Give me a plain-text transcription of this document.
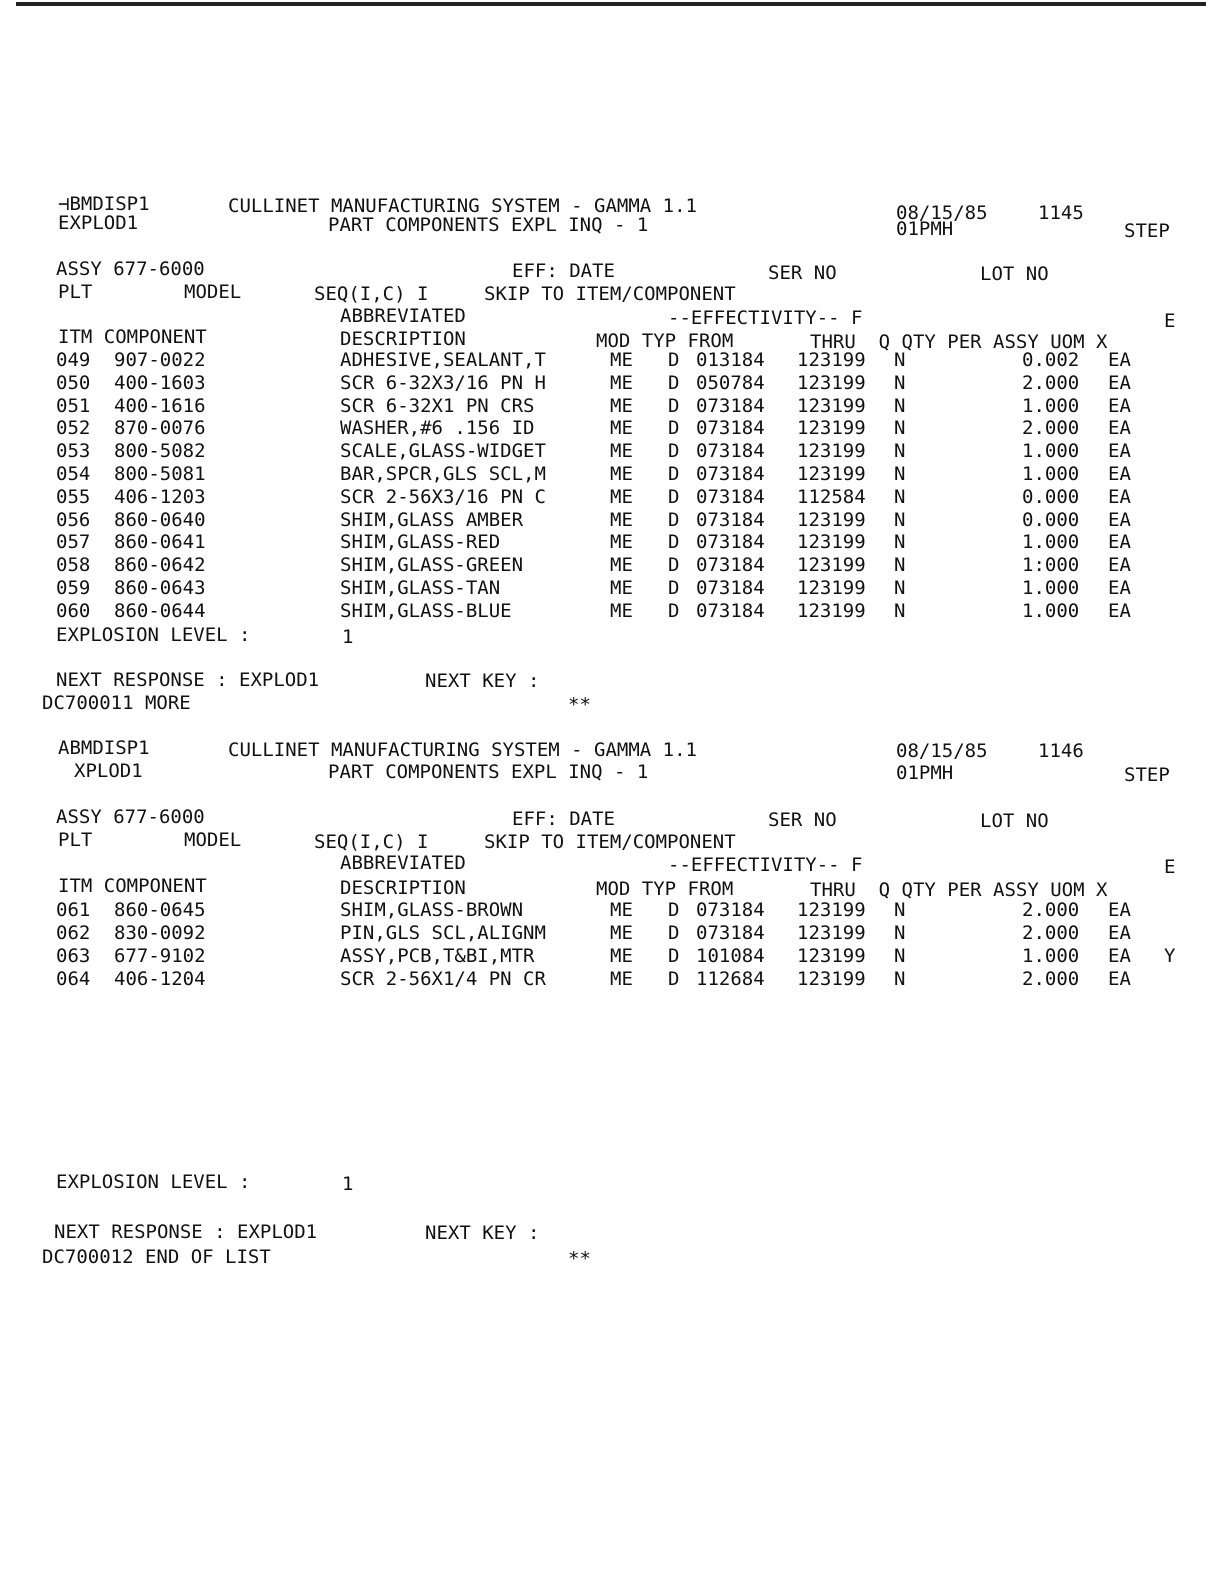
⊣BMDISP1
EXPLOD1
CULLINET MANUFACTURING SYSTEM - GAMMA 1.1
PART COMPONENTS EXPL INQ - 1
08/15/85	1145
01PMH	STEP
ASSY 677-6000	EFF: DATE	SER NO	LOT NO
PLT	MODEL	SEQ(I,C) I	SKIP TO ITEM/COMPONENT
ABBREVIATED	--EFFECTIVITY-- F	E
ITM COMPONENT	DESCRIPTION	MOD TYP FROM	THRU  Q QTY PER ASSY UOM X
049 907-0022	ADHESIVE,SEALANT,T	ME D 013184 123199 N	0.002 EA
050 400-1603	SCR 6-32X3/16 PN H	ME D 050784 123199 N	2.000 EA
051 400-1616	SCR 6-32X1 PN CRS	ME D 073184 123199 N	1.000 EA
052 870-0076	WASHER,#6 .156 ID	ME D 073184 123199 N	2.000 EA
053 800-5082	SCALE,GLASS-WIDGET	ME D 073184 123199 N	1.000 EA
054 800-5081	BAR,SPCR,GLS SCL,M	ME D 073184 123199 N	1.000 EA
055 406-1203	SCR 2-56X3/16 PN C	ME D 073184 112584 N	0.000 EA
056 860-0640	SHIM,GLASS AMBER	ME D 073184 123199 N	0.000 EA
057 860-0641	SHIM,GLASS-RED	ME D 073184 123199 N	1.000 EA
058 860-0642	SHIM,GLASS-GREEN	ME D 073184 123199 N	1:000 EA
059 860-0643	SHIM,GLASS-TAN	ME D 073184 123199 N	1.000 EA
060 860-0644	SHIM,GLASS-BLUE	ME D 073184 123199 N	1.000 EA
EXPLOSION LEVEL :	1
NEXT RESPONSE : EXPLOD1	NEXT KEY :
DC700011 MORE	**
ABMDISP1
XPLOD1
CULLINET MANUFACTURING SYSTEM - GAMMA 1.1
PART COMPONENTS EXPL INQ - 1
08/15/85	1146
01PMH	STEP
ASSY 677-6000	EFF: DATE	SER NO	LOT NO
PLT	MODEL	SEQ(I,C) I	SKIP TO ITEM/COMPONENT
ABBREVIATED	--EFFECTIVITY-- F	E
ITM COMPONENT	DESCRIPTION	MOD TYP FROM	THRU  Q QTY PER ASSY UOM X
061 860-0645	SHIM,GLASS-BROWN	ME D 073184 123199 N	2.000 EA
062 830-0092	PIN,GLS SCL,ALIGNM	ME D 073184 123199 N	2.000 EA
063 677-9102	ASSY,PCB,T&BI,MTR	ME D 101084 123199 N	1.000 EA Y
064 406-1204	SCR 2-56X1/4 PN CR	ME D 112684 123199 N	2.000 EA
EXPLOSION LEVEL :	1
NEXT RESPONSE : EXPLOD1	NEXT KEY :
DC700012 END OF LIST	**
